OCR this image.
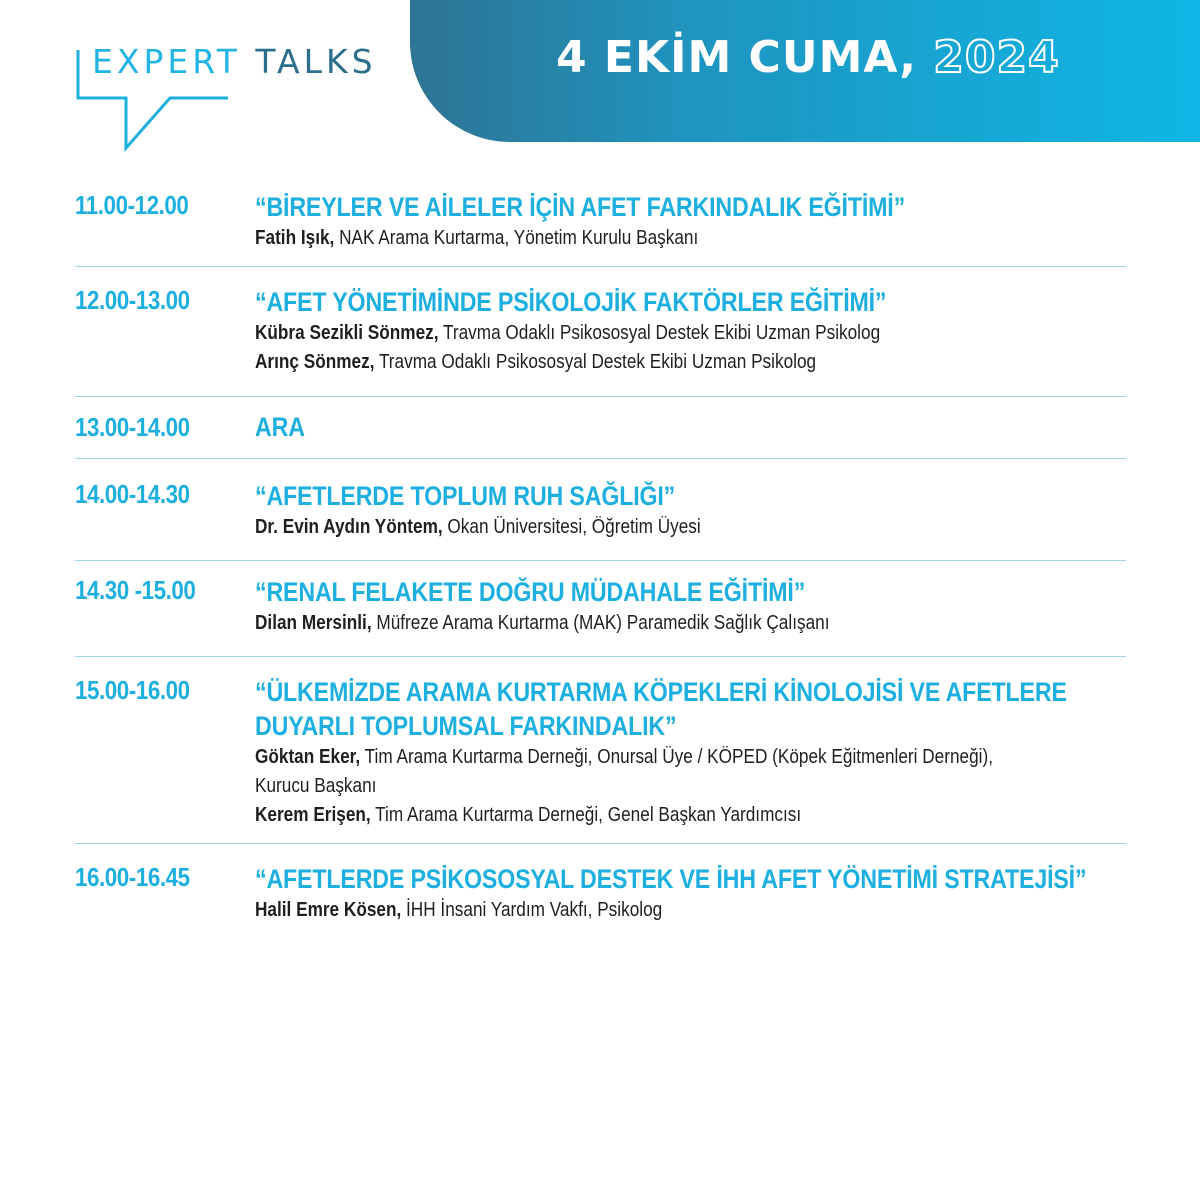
EXPERT TALKS	4 EKİM CUMA, 2024
11.00-12.00 “BİREYLER VE AİLELER İÇİN AFET FARKINDALIK EĞİTİMİ”
Fatih Işık, NAK Arama Kurtarma, Yönetim Kurulu Başkanı
12.00-13.00 “AFET YÖNETİMİNDE PSİKOLOJİK FAKTÖRLER EĞİTİMİ”
Kübra Sezikli Sönmez, Travma Odaklı Psikososyal Destek Ekibi Uzman Psikolog
Arınç Sönmez, Travma Odaklı Psikososyal Destek Ekibi Uzman Psikolog
13.00-14.00 ARA
14.00-14.30 “AFETLERDE TOPLUM RUH SAĞLIĞI”
Dr. Evin Aydın Yöntem, Okan Üniversitesi, Öğretim Üyesi
14.30 -15.00 “RENAL FELAKETE DOĞRU MÜDAHALE EĞİTİMİ”
Dilan Mersinli, Müfreze Arama Kurtarma (MAK) Paramedik Sağlık Çalışanı
15.00-16.00 “ÜLKEMİZDE ARAMA KURTARMA KÖPEKLERİ KİNOLOJİSİ VE AFETLERE
DUYARLI TOPLUMSAL FARKINDALIK”
Göktan Eker, Tim Arama Kurtarma Derneği, Onursal Üye / KÖPED (Köpek Eğitmenleri Derneği),
Kurucu Başkanı
Kerem Erişen, Tim Arama Kurtarma Derneği, Genel Başkan Yardımcısı
16.00-16.45 “AFETLERDE PSİKOSOSYAL DESTEK VE İHH AFET YÖNETİMİ STRATEJİSİ”
Halil Emre Kösen, İHH İnsani Yardım Vakfı, Psikolog
